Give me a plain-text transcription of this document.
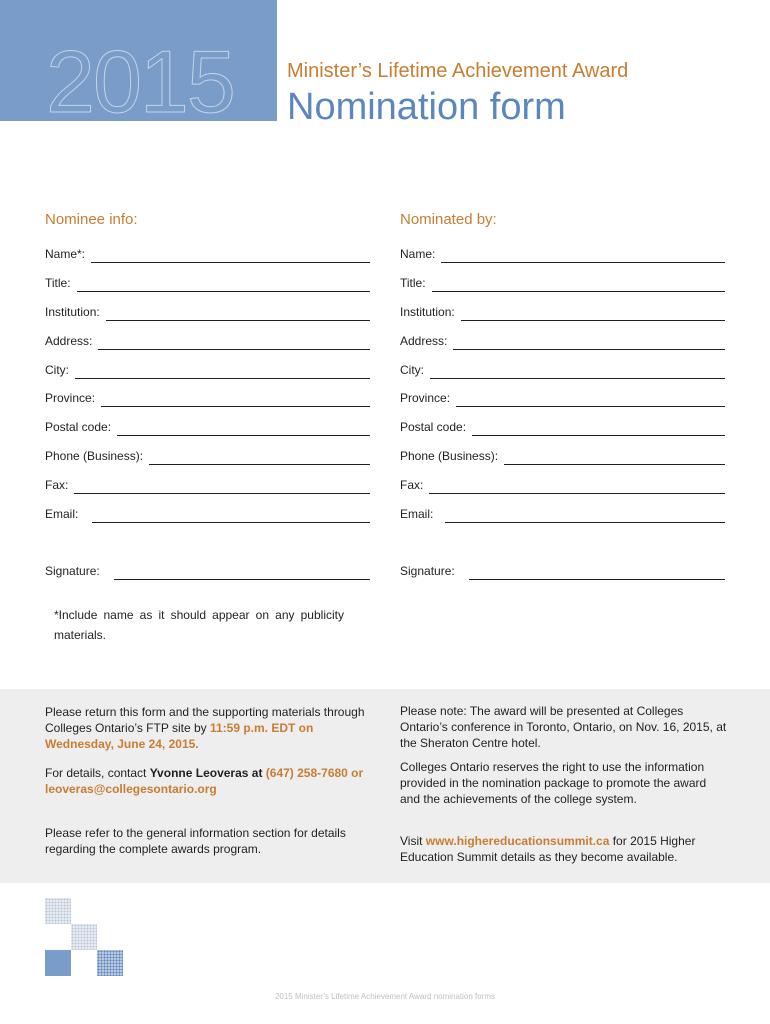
2015	Minister’s Lifetime Achievement Award
Nomination form
Nominee info:	Nominated by:
Name*:
Title:
Institution:
Address:
City:
Province:
Postal code:
Phone (Business):
Fax:
Email:
Signature:
Name:
Title:
Institution:
Address:
City:
Province:
Postal code:
Phone (Business):
Fax:
Email:
Signature:
*Include name as it should appear on any publicity materials.
Please return this form and the supporting materials through Colleges Ontario’s FTP site by 11:59 p.m. EDT on Wednesday, June 24, 2015.
For details, contact Yvonne Leoveras at (647) 258-7680 or
leoveras@collegesontario.org
Please refer to the general information section for details regarding the complete awards program.
Please note: The award will be presented at Colleges Ontario’s conference in Toronto, Ontario, on Nov. 16, 2015, at the Sheraton Centre hotel.
Colleges Ontario reserves the right to use the information provided in the nomination package to promote the award and the achievements of the college system.
Visit www.highereducationsummit.ca for 2015 Higher Education Summit details as they become available.
2015 Minister’s Lifetime Achievement Award nomination forms
